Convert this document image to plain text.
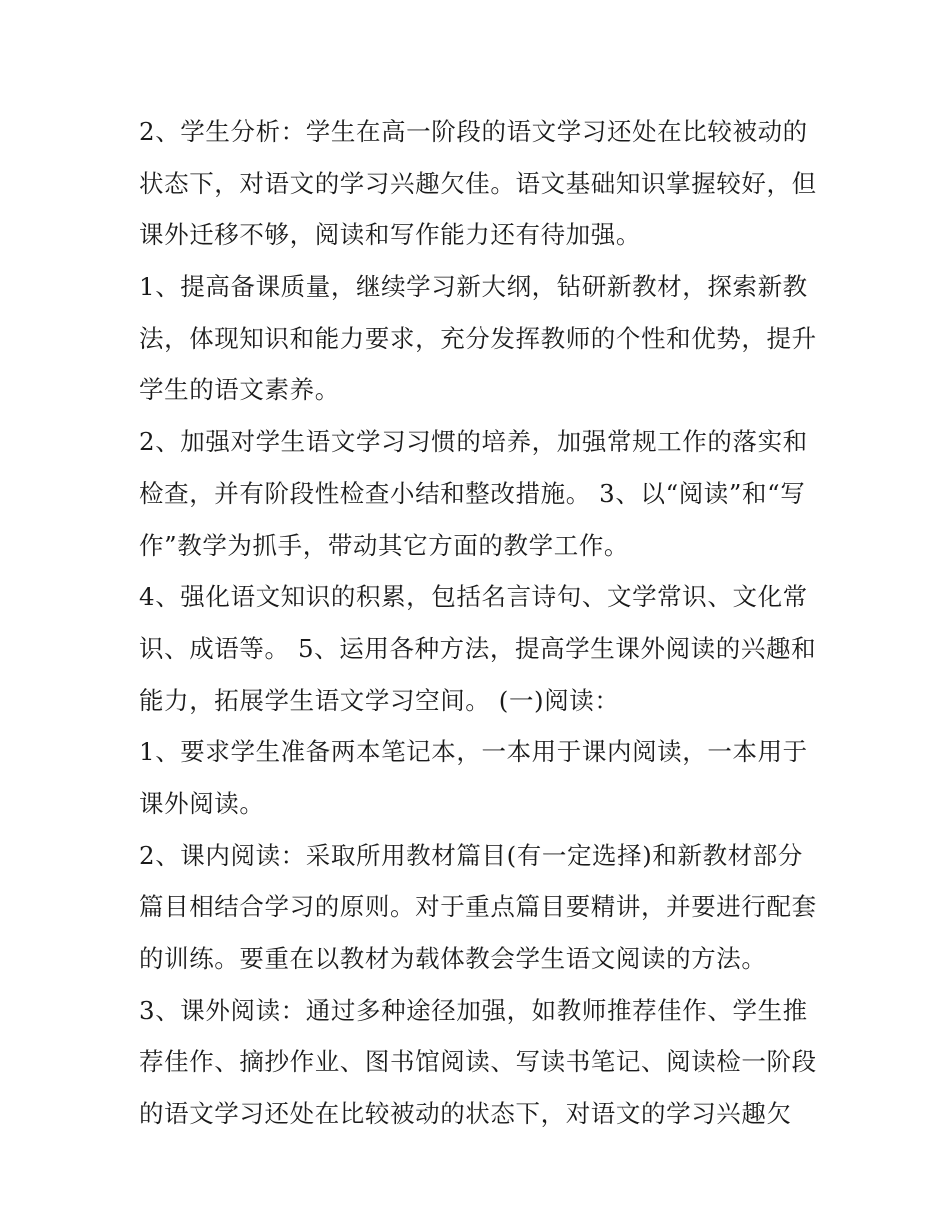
2、学生分析：学生在高一阶段的语文学习还处在比较被动的
状态下，对语文的学习兴趣欠佳。语文基础知识掌握较好，但
课外迁移不够，阅读和写作能力还有待加强。
1、提高备课质量，继续学习新大纲，钻研新教材，探索新教
法，体现知识和能力要求，充分发挥教师的个性和优势，提升
学生的语文素养。
2、加强对学生语文学习习惯的培养，加强常规工作的落实和
检查，并有阶段性检查小结和整改措施。 3、以“阅读”和“写
作”教学为抓手，带动其它方面的教学工作。
4、强化语文知识的积累，包括名言诗句、文学常识、文化常
识、成语等。 5、运用各种方法，提高学生课外阅读的兴趣和
能力，拓展学生语文学习空间。 (一)阅读：
1、要求学生准备两本笔记本，一本用于课内阅读，一本用于
课外阅读。
2、课内阅读：采取所用教材篇目(有一定选择)和新教材部分
篇目相结合学习的原则。对于重点篇目要精讲，并要进行配套
的训练。要重在以教材为载体教会学生语文阅读的方法。
3、课外阅读：通过多种途径加强，如教师推荐佳作、学生推
荐佳作、摘抄作业、图书馆阅读、写读书笔记、阅读检一阶段
的语文学习还处在比较被动的状态下，对语文的学习兴趣欠
